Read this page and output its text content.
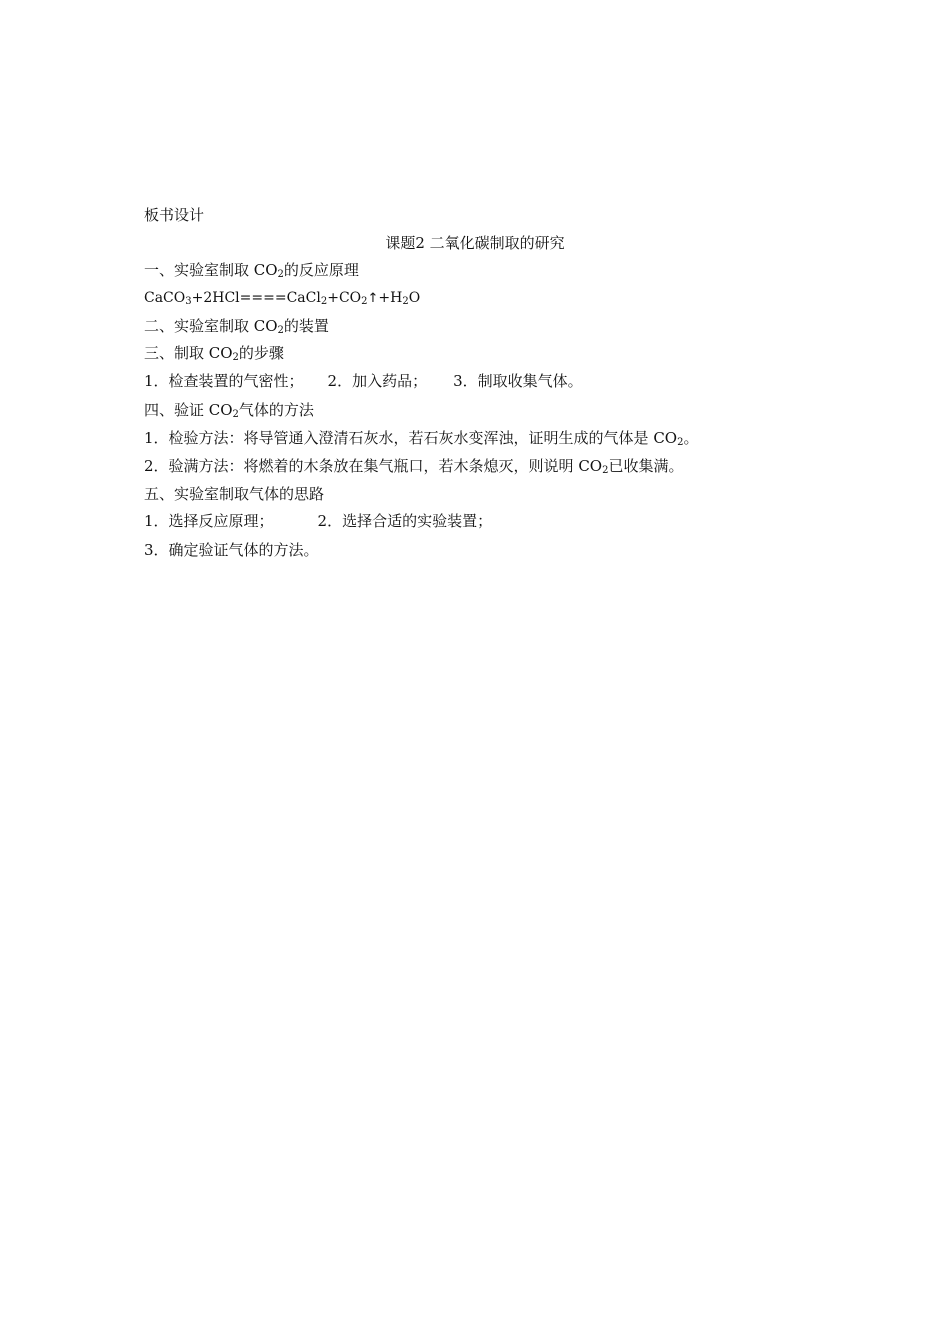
板书设计
课题2 二氧化碳制取的研究
一、实验室制取 $CO_2$的反应原理
$CaCO_3+2HCl====CaCl_2+CO_2↑+H_2O$
二、实验室制取 $CO_2$的装置
三、制取 $CO_2$的步骤
1．检查装置的气密性； 2．加入药品； 3．制取收集气体。
四、验证 $CO_2$气体的方法
1．检验方法：将导管通入澄清石灰水，若石灰水变浑浊，证明生成的气体是 $CO_2$。
2．验满方法：将燃着的木条放在集气瓶口，若木条熄灭，则说明 $CO_2$已收集满。
五、实验室制取气体的思路
1．选择反应原理；	2．选择合适的实验装置；
3．确定验证气体的方法。
